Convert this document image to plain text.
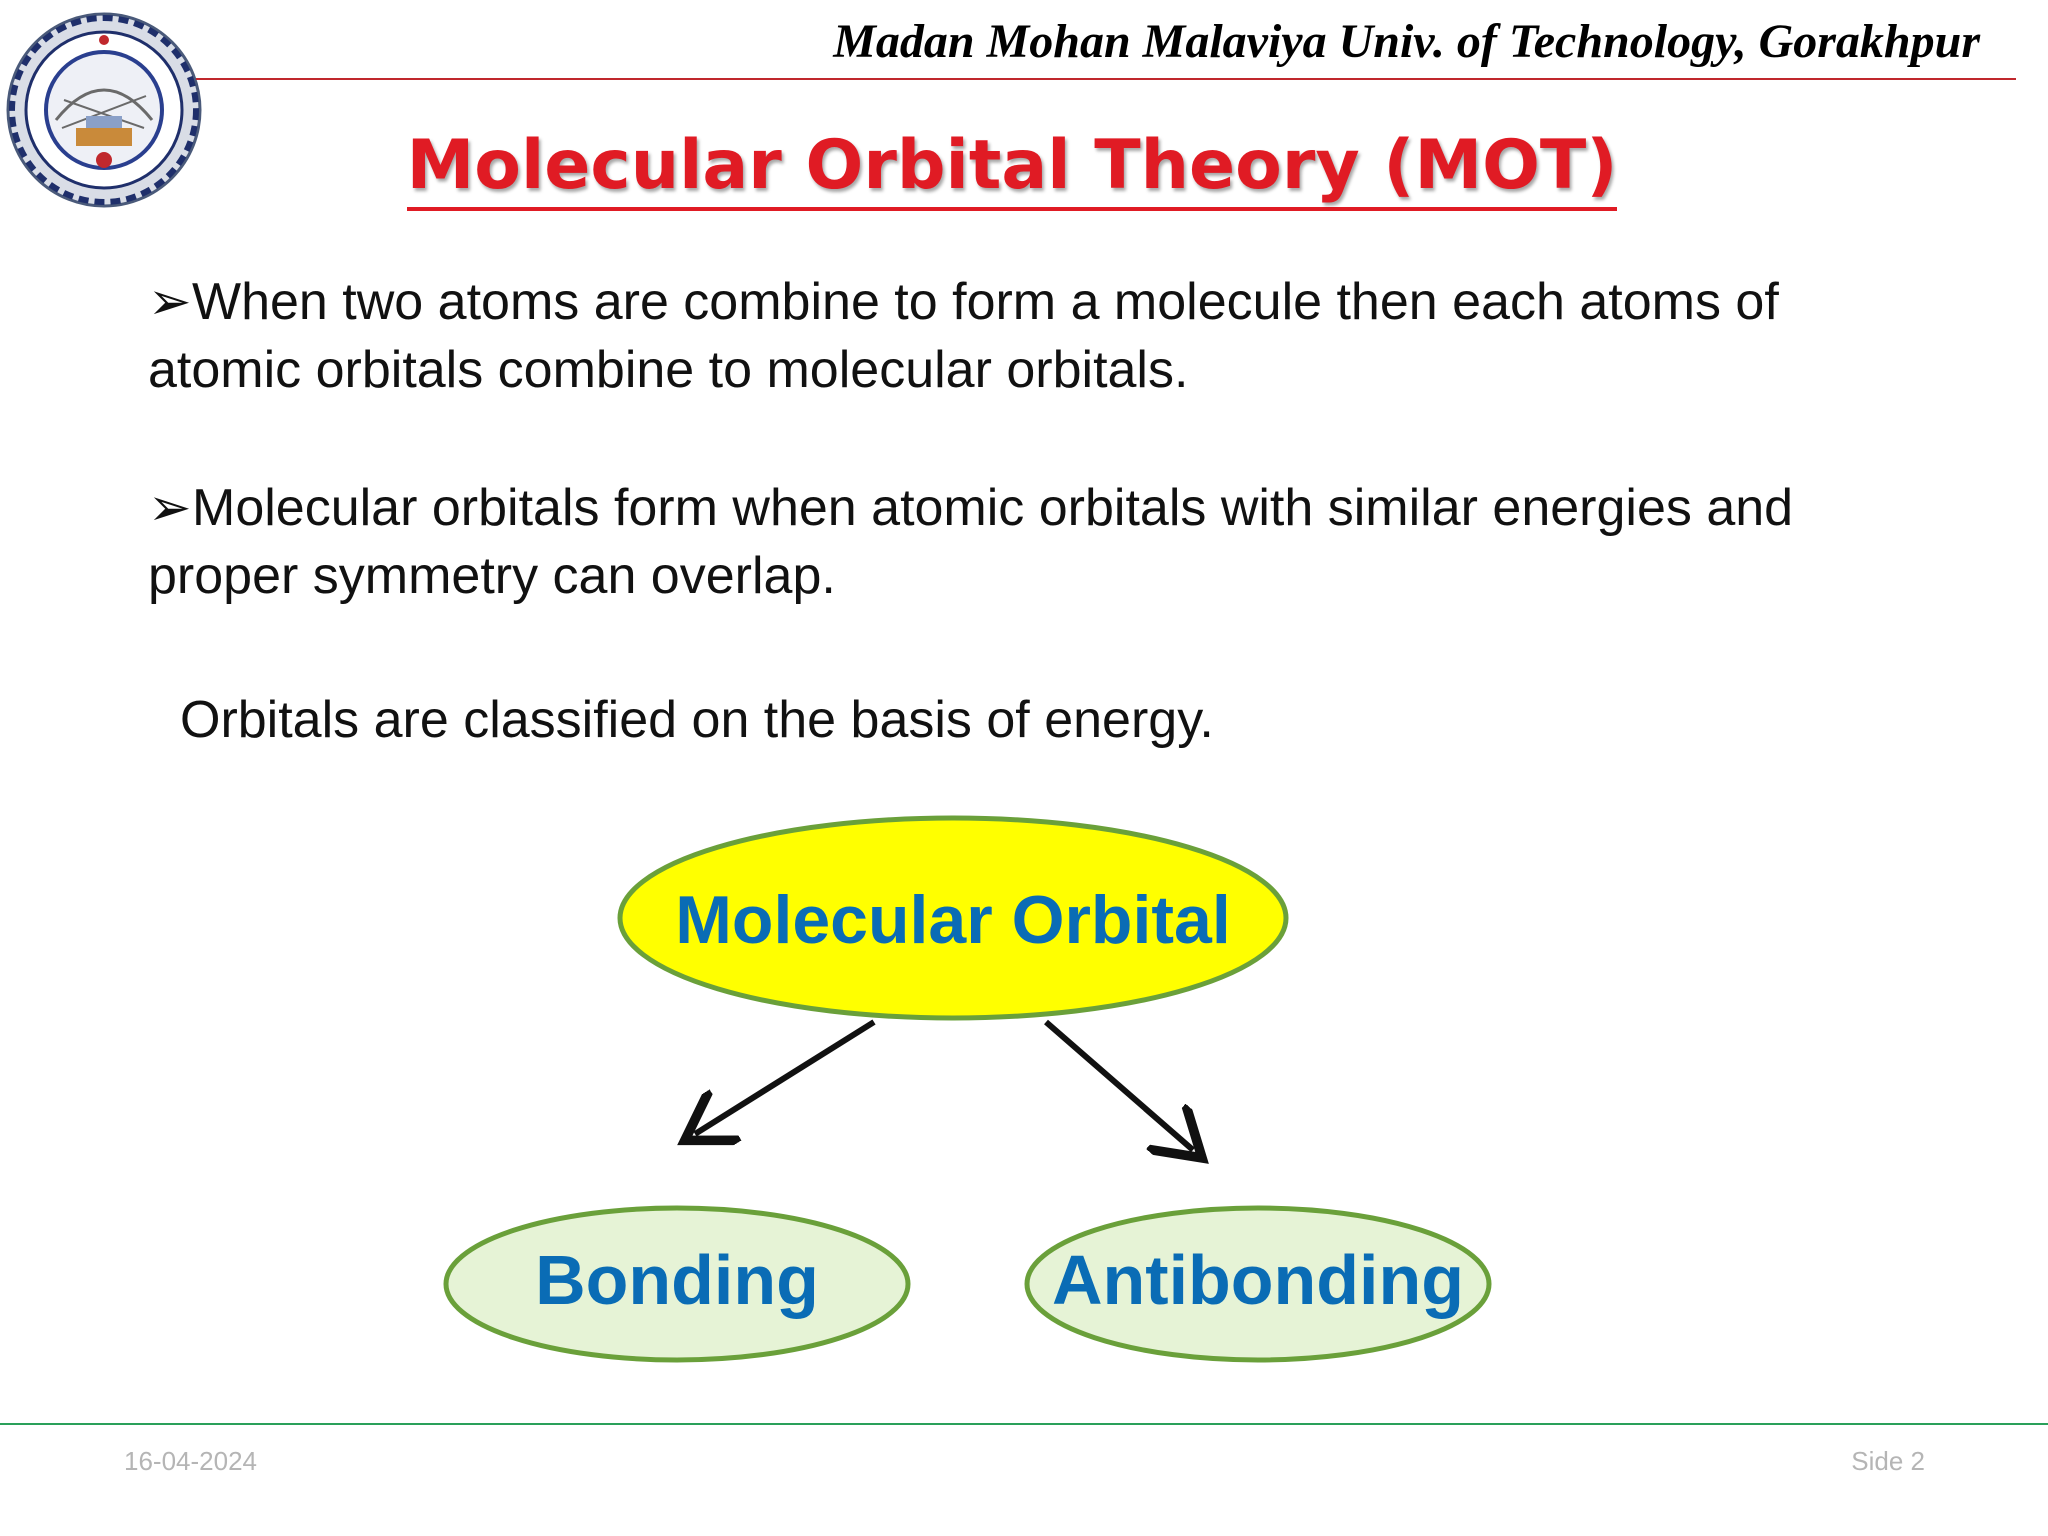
Madan Mohan Malaviya Univ. of Technology, Gorakhpur
Molecular Orbital Theory (MOT)
➢When two atoms are combine to form a molecule then each atoms of atomic orbitals combine to molecular orbitals.
➢Molecular orbitals form when atomic orbitals with similar energies and proper symmetry can overlap.
Orbitals are classified on the basis of energy.
Molecular Orbital
Bonding	Antibonding
16-04-2024	Side 2
